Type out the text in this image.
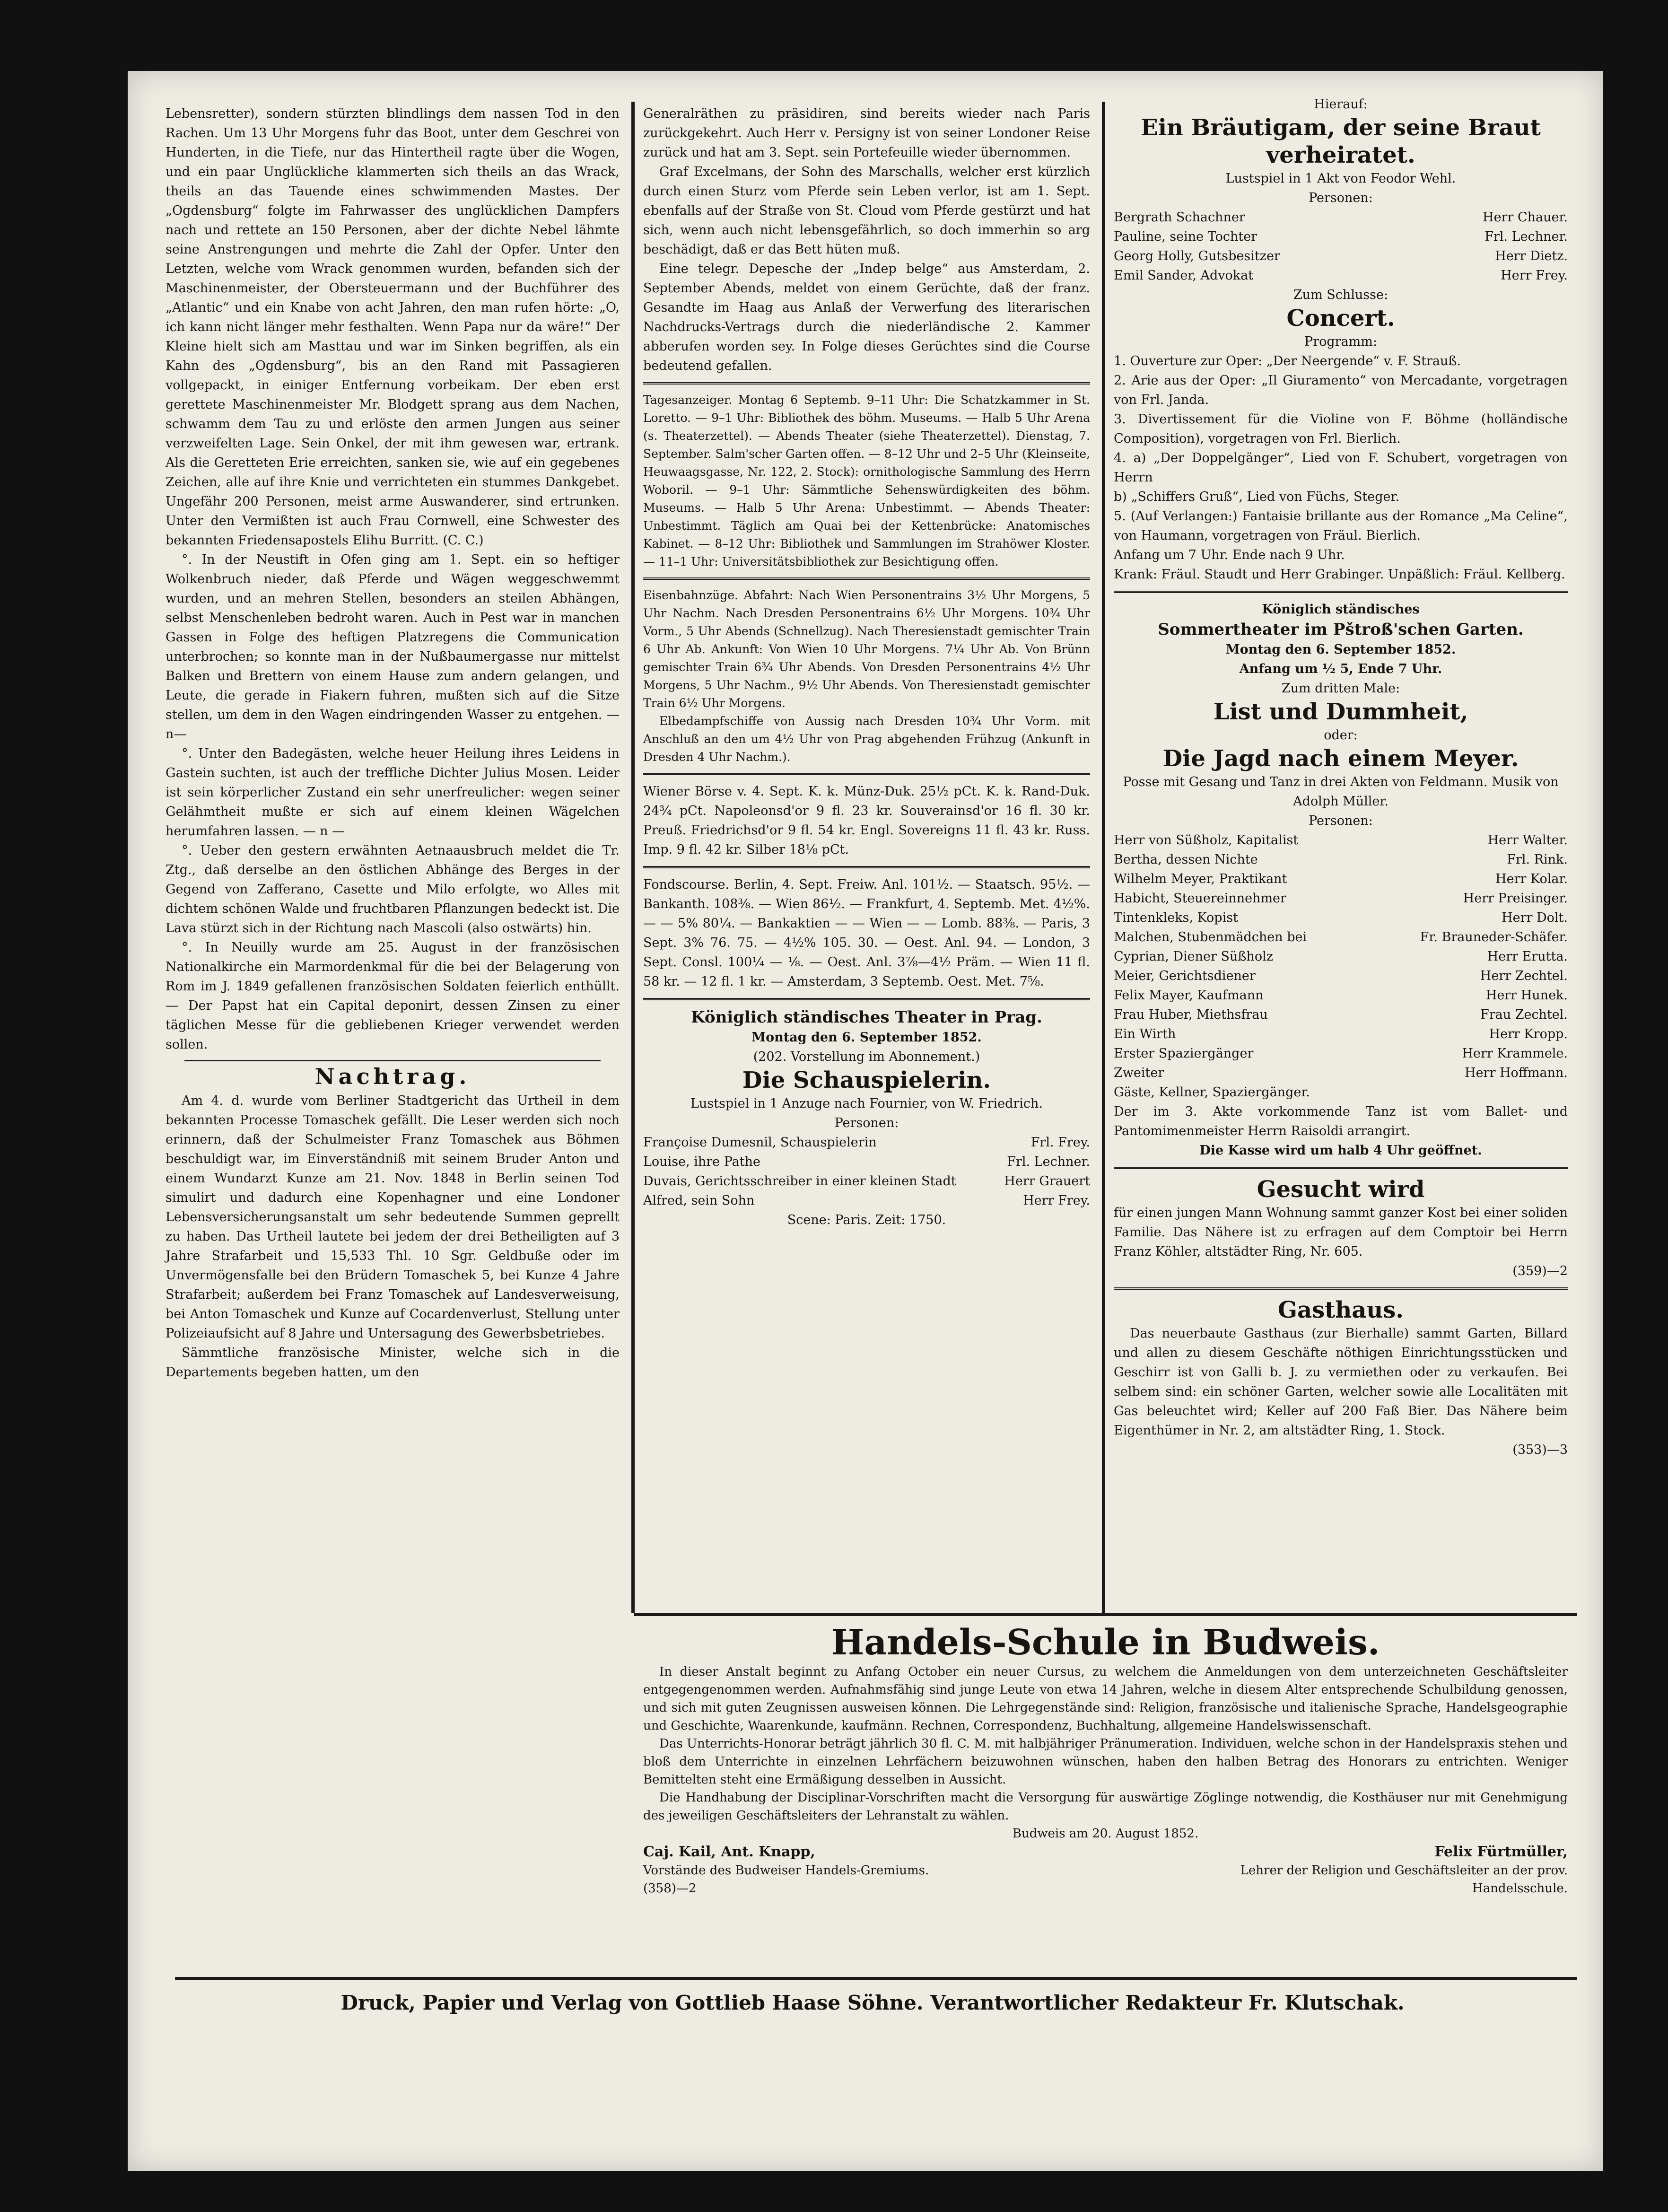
Lebensretter), sondern stürzten blindlings dem nassen Tod in den Rachen. Um 13 Uhr Morgens fuhr das Boot, unter dem Geschrei von Hunderten, in die Tiefe, nur das Hintertheil ragte über die Wogen, und ein paar Unglückliche klammerten sich theils an das Wrack, theils an das Tauende eines schwimmenden Mastes. Der „Ogdensburg“ folgte im Fahrwasser des unglücklichen Dampfers nach und rettete an 150 Personen, aber der dichte Nebel lähmte seine Anstrengungen und mehrte die Zahl der Opfer. Unter den Letzten, welche vom Wrack genommen wurden, befanden sich der Maschinenmeister, der Obersteuermann und der Buchführer des „Atlantic“ und ein Knabe von acht Jahren, den man rufen hörte: „O, ich kann nicht länger mehr festhalten. Wenn Papa nur da wäre!“ Der Kleine hielt sich am Masttau und war im Sinken begriffen, als ein Kahn des „Ogdensburg“, bis an den Rand mit Passagieren vollgepackt, in einiger Entfernung vorbeikam. Der eben erst gerettete Maschinenmeister Mr. Blodgett sprang aus dem Nachen, schwamm dem Tau zu und erlöste den armen Jungen aus seiner verzweifelten Lage. Sein Onkel, der mit ihm gewesen war, ertrank. Als die Geretteten Erie erreichten, sanken sie, wie auf ein gegebenes Zeichen, alle auf ihre Knie und verrichteten ein stummes Dankgebet. Ungefähr 200 Personen, meist arme Auswanderer, sind ertrunken. Unter den Vermißten ist auch Frau Cornwell, eine Schwester des bekannten Friedensapostels Elihu Burritt. (C. C.)

°. In der Neustift in Ofen ging am 1. Sept. ein so heftiger Wolkenbruch nieder, daß Pferde und Wägen weggeschwemmt wurden, und an mehren Stellen, besonders an steilen Abhängen, selbst Menschenleben bedroht waren. Auch in Pest war in manchen Gassen in Folge des heftigen Platzregens die Communication unterbrochen; so konnte man in der Nußbaumergasse nur mittelst Balken und Brettern von einem Hause zum andern gelangen, und Leute, die gerade in Fiakern fuhren, mußten sich auf die Sitze stellen, um dem in den Wagen eindringenden Wasser zu entgehen. —n—

°. Unter den Badegästen, welche heuer Heilung ihres Leidens in Gastein suchten, ist auch der treffliche Dichter Julius Mosen. Leider ist sein körperlicher Zustand ein sehr unerfreulicher: wegen seiner Gelähmtheit mußte er sich auf einem kleinen Wägelchen herumfahren lassen. — n —

°. Ueber den gestern erwähnten Aetnaausbruch meldet die Tr. Ztg., daß derselbe an den östlichen Abhänge des Berges in der Gegend von Zafferano, Casette und Milo erfolgte, wo Alles mit dichtem schönen Walde und fruchtbaren Pflanzungen bedeckt ist. Die Lava stürzt sich in der Richtung nach Mascoli (also ostwärts) hin.

°. In Neuilly wurde am 25. August in der französischen Nationalkirche ein Marmordenkmal für die bei der Belagerung von Rom im J. 1849 gefallenen französischen Soldaten feierlich enthüllt. — Der Papst hat ein Capital deponirt, dessen Zinsen zu einer täglichen Messe für die gebliebenen Krieger verwendet werden sollen.

Nachtrag.

Am 4. d. wurde vom Berliner Stadtgericht das Urtheil in dem bekannten Processe Tomaschek gefällt. Die Leser werden sich noch erinnern, daß der Schulmeister Franz Tomaschek aus Böhmen beschuldigt war, im Einverständniß mit seinem Bruder Anton und einem Wundarzt Kunze am 21. Nov. 1848 in Berlin seinen Tod simulirt und dadurch eine Kopenhagner und eine Londoner Lebensversicherungsanstalt um sehr bedeutende Summen geprellt zu haben. Das Urtheil lautete bei jedem der drei Betheiligten auf 3 Jahre Strafarbeit und 15,533 Thl. 10 Sgr. Geldbuße oder im Unvermögensfalle bei den Brüdern Tomaschek 5, bei Kunze 4 Jahre Strafarbeit; außerdem bei Franz Tomaschek auf Landesverweisung, bei Anton Tomaschek und Kunze auf Cocardenverlust, Stellung unter Polizeiaufsicht auf 8 Jahre und Untersagung des Gewerbsbetriebes.

Sämmtliche französische Minister, welche sich in die Departements begeben hatten, um den

Generalräthen zu präsidiren, sind bereits wieder nach Paris zurückgekehrt. Auch Herr v. Persigny ist von seiner Londoner Reise zurück und hat am 3. Sept. sein Portefeuille wieder übernommen.

Graf Excelmans, der Sohn des Marschalls, welcher erst kürzlich durch einen Sturz vom Pferde sein Leben verlor, ist am 1. Sept. ebenfalls auf der Straße von St. Cloud vom Pferde gestürzt und hat sich, wenn auch nicht lebensgefährlich, so doch immerhin so arg beschädigt, daß er das Bett hüten muß.

Eine telegr. Depesche der „Indep belge“ aus Amsterdam, 2. September Abends, meldet von einem Gerüchte, daß der franz. Gesandte im Haag aus Anlaß der Verwerfung des literarischen Nachdrucks-Vertrags durch die niederländische 2. Kammer abberufen worden sey. In Folge dieses Gerüchtes sind die Course bedeutend gefallen.

Tagesanzeiger. Montag 6 Septemb. 9–11 Uhr: Die Schatzkammer in St. Loretto. — 9–1 Uhr: Bibliothek des böhm. Museums. — Halb 5 Uhr Arena (s. Theaterzettel). — Abends Theater (siehe Theaterzettel). Dienstag, 7. September. Salm'scher Garten offen. — 8–12 Uhr und 2–5 Uhr (Kleinseite, Heuwaagsgasse, Nr. 122, 2. Stock): ornithologische Sammlung des Herrn Woboril. — 9–1 Uhr: Sämmtliche Sehenswürdigkeiten des böhm. Museums. — Halb 5 Uhr Arena: Unbestimmt. — Abends Theater: Unbestimmt. Täglich am Quai bei der Kettenbrücke: Anatomisches Kabinet. — 8–12 Uhr: Bibliothek und Sammlungen im Strahöwer Kloster. — 11–1 Uhr: Universitätsbibliothek zur Besichtigung offen.

Eisenbahnzüge. Abfahrt: Nach Wien Personentrains 3½ Uhr Morgens, 5 Uhr Nachm. Nach Dresden Personentrains 6½ Uhr Morgens. 10¾ Uhr Vorm., 5 Uhr Abends (Schnellzug). Nach Theresienstadt gemischter Train 6 Uhr Ab. Ankunft: Von Wien 10 Uhr Morgens. 7¼ Uhr Ab. Von Brünn gemischter Train 6¾ Uhr Abends. Von Dresden Personentrains 4½ Uhr Morgens, 5 Uhr Nachm., 9½ Uhr Abends. Von Theresienstadt gemischter Train 6½ Uhr Morgens.

Elbedampfschiffe von Aussig nach Dresden 10¾ Uhr Vorm. mit Anschluß an den um 4½ Uhr von Prag abgehenden Frühzug (Ankunft in Dresden 4 Uhr Nachm.).

Wiener Börse v. 4. Sept. K. k. Münz-Duk. 25½ pCt. K. k. Rand-Duk. 24¾ pCt. Napoleonsd'or 9 fl. 23 kr. Souverainsd'or 16 fl. 30 kr. Preuß. Friedrichsd'or 9 fl. 54 kr. Engl. Sovereigns 11 fl. 43 kr. Russ. Imp. 9 fl. 42 kr. Silber 18⅛ pCt.

Fondscourse. Berlin, 4. Sept. Freiw. Anl. 101½. — Staatsch. 95½. — Bankanth. 108⅜. — Wien 86½. — Frankfurt, 4. Septemb. Met. 4½%. — — 5% 80¼. — Bankaktien — — Wien — — Lomb. 88⅜. — Paris, 3 Sept. 3% 76. 75. — 4½% 105. 30. — Oest. Anl. 94. — London, 3 Sept. Consl. 100¼ — ⅛. — Oest. Anl. 3⅞—4½ Präm. — Wien 11 fl. 58 kr. — 12 fl. 1 kr. — Amsterdam, 3 Septemb. Oest. Met. 7⅝.

Königlich ständisches Theater in Prag.
Montag den 6. September 1852.
(202. Vorstellung im Abonnement.)
Die Schauspielerin.
Lustspiel in 1 Anzuge nach Fournier, von W. Friedrich.
Personen:
Françoise Dumesnil, Schauspielerin	Frl. Frey.
Louise, ihre Pathe	Frl. Lechner.
Duvais, Gerichtsschreiber in einer kleinen Stadt	Herr Grauert
Alfred, sein Sohn	Herr Frey.
Scene: Paris. Zeit: 1750.
Hierauf:
Ein Bräutigam, der seine Braut verheiratet.
Lustspiel in 1 Akt von Feodor Wehl.
Personen:
Bergrath Schachner	Herr Chauer.
Pauline, seine Tochter	Frl. Lechner.
Georg Holly, Gutsbesitzer	Herr Dietz.
Emil Sander, Advokat	Herr Frey.
Zum Schlusse:
Concert.
Programm:
1. Ouverture zur Oper: „Der Neergende“ v. F. Strauß.
2. Arie aus der Oper: „Il Giuramento“ von Mercadante, vorgetragen von Frl. Janda.
3. Divertissement für die Violine von F. Böhme (holländische Composition), vorgetragen von Frl. Bierlich.
4. a) „Der Doppelgänger“, Lied von F. Schubert, vorgetragen von Herrn
b) „Schiffers Gruß“, Lied von Füchs, Steger.
5. (Auf Verlangen:) Fantaisie brillante aus der Romance „Ma Celine“, von Haumann, vorgetragen von Fräul. Bierlich.
Anfang um 7 Uhr. Ende nach 9 Uhr.
Krank: Fräul. Staudt und Herr Grabinger. Unpäßlich: Fräul. Kellberg.
Königlich ständisches
Sommertheater im Pštroß'schen Garten.
Montag den 6. September 1852.
Anfang um ½ 5, Ende 7 Uhr.
Zum dritten Male:
List und Dummheit,
oder:
Die Jagd nach einem Meyer.
Posse mit Gesang und Tanz in drei Akten von Feldmann. Musik von Adolph Müller.
Personen:
Herr von Süßholz, Kapitalist	Herr Walter.
Bertha, dessen Nichte	Frl. Rink.
Wilhelm Meyer, Praktikant	Herr Kolar.
Habicht, Steuereinnehmer	Herr Preisinger.
Tintenkleks, Kopist	Herr Dolt.
Malchen, Stubenmädchen bei	Fr. Brauneder-Schäfer.
Cyprian, Diener Süßholz	Herr Erutta.
Meier, Gerichtsdiener	Herr Zechtel.
Felix Mayer, Kaufmann	Herr Hunek.
Frau Huber, Miethsfrau	Frau Zechtel.
Ein Wirth	Herr Kropp.
Erster Spaziergänger	Herr Krammele.
Zweiter	Herr Hoffmann.
Gäste, Kellner, Spaziergänger.
Der im 3. Akte vorkommende Tanz ist vom Ballet- und Pantomimenmeister Herrn Raisoldi arrangirt.
Die Kasse wird um halb 4 Uhr geöffnet.
Gesucht wird

für einen jungen Mann Wohnung sammt ganzer Kost bei einer soliden Familie. Das Nähere ist zu erfragen auf dem Comptoir bei Herrn Franz Köhler, altstädter Ring, Nr. 605.

(359)—2
Gasthaus.

Das neuerbaute Gasthaus (zur Bierhalle) sammt Garten, Billard und allen zu diesem Geschäfte nöthigen Einrichtungsstücken und Geschirr ist von Galli b. J. zu vermiethen oder zu verkaufen. Bei selbem sind: ein schöner Garten, welcher sowie alle Localitäten mit Gas beleuchtet wird; Keller auf 200 Faß Bier. Das Nähere beim Eigenthümer in Nr. 2, am altstädter Ring, 1. Stock.

(353)—3
Handels-Schule in Budweis.

In dieser Anstalt beginnt zu Anfang October ein neuer Cursus, zu welchem die Anmeldungen von dem unterzeichneten Geschäftsleiter entgegengenommen werden. Aufnahmsfähig sind junge Leute von etwa 14 Jahren, welche in diesem Alter entsprechende Schulbildung genossen, und sich mit guten Zeugnissen ausweisen können. Die Lehrgegenstände sind: Religion, französische und italienische Sprache, Handelsgeographie und Geschichte, Waarenkunde, kaufmänn. Rechnen, Correspondenz, Buchhaltung, allgemeine Handelswissenschaft.

Das Unterrichts-Honorar beträgt jährlich 30 fl. C. M. mit halbjähriger Pränumeration. Individuen, welche schon in der Handelspraxis stehen und bloß dem Unterrichte in einzelnen Lehrfächern beizuwohnen wünschen, haben den halben Betrag des Honorars zu entrichten. Weniger Bemittelten steht eine Ermäßigung desselben in Aussicht.

Die Handhabung der Disciplinar-Vorschriften macht die Versorgung für auswärtige Zöglinge notwendig, die Kosthäuser nur mit Genehmigung des jeweiligen Geschäftsleiters der Lehranstalt zu wählen.

Budweis am 20. August 1852.
Caj. Kail, Ant. Knapp,
Vorstände des Budweiser Handels-Gremiums.
(358)—2
Felix Fürtmüller,
Lehrer der Religion und Geschäftsleiter an der prov. Handelsschule.
Druck, Papier und Verlag von Gottlieb Haase Söhne. Verantwortlicher Redakteur Fr. Klutschak.
